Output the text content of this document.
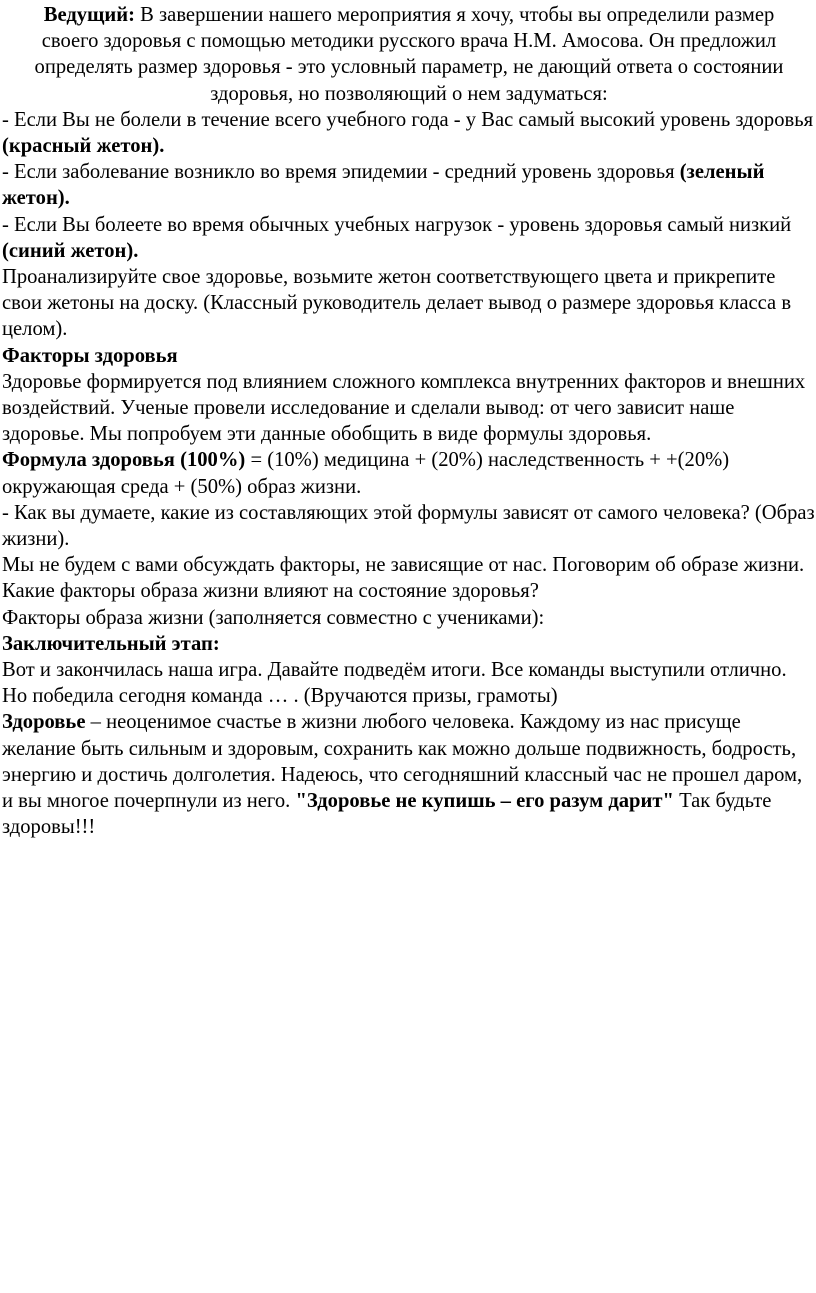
Ведущий: В завершении нашего мероприятия я хочу, чтобы вы определили размер своего здоровья с помощью методики русского врача Н.М. Амосова. Он предложил определять размер здоровья - это условный параметр, не дающий ответа о состоянии здоровья, но позволяющий о нем задуматься:

- Если Вы не болели в течение всего учебного года - у Вас самый высокий уровень здоровья (красный жетон).

- Если заболевание возникло во время эпидемии - средний уровень здоровья (зеленый жетон).

- Если Вы болеете во время обычных учебных нагрузок - уровень здоровья самый низкий (синий жетон).

Проанализируйте свое здоровье, возьмите жетон соответствующего цвета и прикрепите свои жетоны на доску. (Классный руководитель делает вывод о размере здоровья класса в целом).

Факторы здоровья

Здоровье формируется под влиянием сложного комплекса внутренних факторов и внешних воздействий. Ученые провели исследование и сделали вывод: от чего зависит наше здоровье. Мы попробуем эти данные обобщить в виде формулы здоровья.

Формула здоровья (100%) = (10%) медицина + (20%) наследственность + +(20%) окружающая среда + (50%) образ жизни.

- Как вы думаете, какие из составляющих этой формулы зависят от самого человека? (Образ жизни).

Мы не будем с вами обсуждать факторы, не зависящие от нас. Поговорим об образе жизни. Какие факторы образа жизни влияют на состояние здоровья?

Факторы образа жизни (заполняется совместно с учениками):

Заключительный этап:

Вот и закончилась наша игра. Давайте подведём итоги. Все команды выступили отлично. Но победила сегодня команда … . (Вручаются призы, грамоты)

Здоровье – неоценимое счастье в жизни любого человека. Каждому из нас присуще желание быть сильным и здоровым, сохранить как можно дольше подвижность, бодрость, энергию и достичь долголетия. Надеюсь, что сегодняшний классный час не прошел даром, и вы многое почерпнули из него. "Здоровье не купишь – его разум дарит" Так будьте здоровы!!!
